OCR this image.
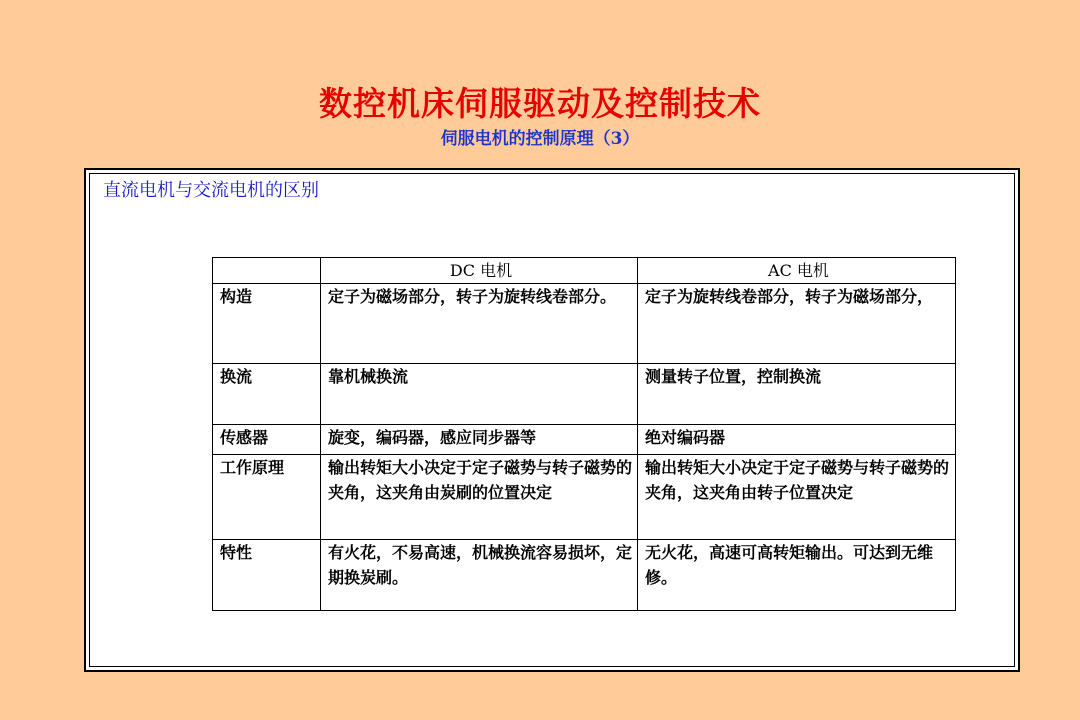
数控机床伺服驱动及控制技术
伺服电机的控制原理（3）
直流电机与交流电机的区别
	DC 电机	AC 电机
构造	定子为磁场部分，转子为旋转线卷部分。	定子为旋转线卷部分，转子为磁场部分，
换流	靠机械换流	测量转子位置，控制换流
传感器	旋变，编码器，感应同步器等	绝对编码器
工作原理	输出转矩大小决定于定子磁势与转子磁势的夹角，这夹角由炭刷的位置决定	输出转矩大小决定于定子磁势与转子磁势的夹角，这夹角由转子位置决定
特性	有火花，不易高速，机械换流容易损坏，定期换炭刷。	无火花，高速可高转矩输出。可达到无维修。
